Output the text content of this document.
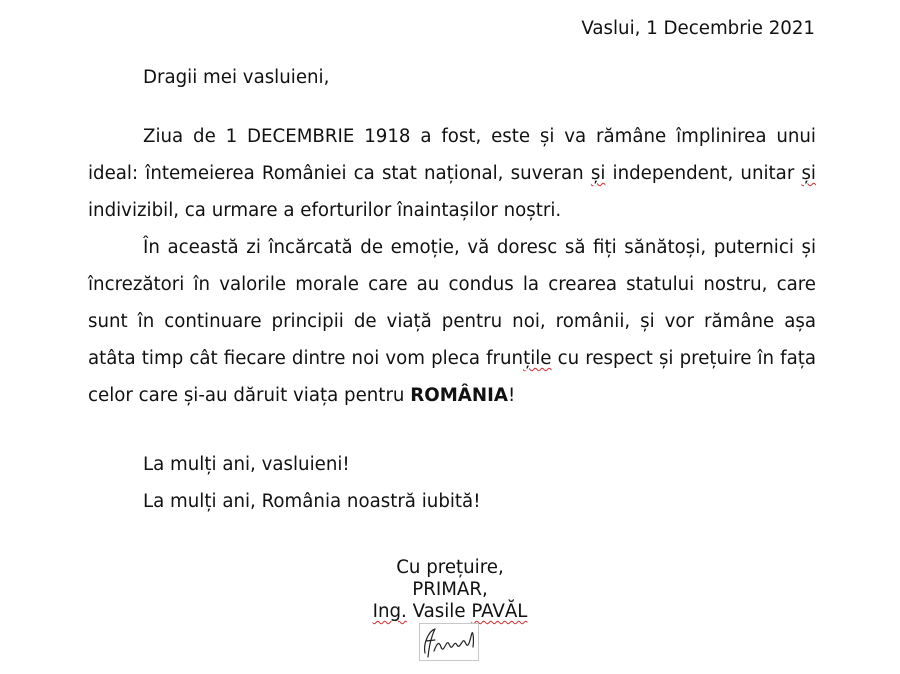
Vaslui, 1 Decembrie 2021
Dragii mei vasluieni,

Ziua de 1 DECEMBRIE 1918 a fost, este și va rămâne împlinirea unui ideal: întemeierea României ca stat național, suveran și independent, unitar și indivizibil, ca urmare a eforturilor înaintașilor noștri.

În această zi încărcată de emoție, vă doresc să fiți sănătoși, puternici și încrezători în valorile morale care au condus la crearea statului nostru, care sunt în continuare principii de viață pentru noi, românii, și vor rămâne așa atâta timp cât fiecare dintre noi vom pleca frunțile cu respect și prețuire în fața celor care și-au dăruit viața pentru ROMÂNIA!

La mulți ani, vasluieni!
La mulți ani, România noastră iubită!
Cu prețuire,
PRIMAR,
Ing. Vasile PAVĂL
